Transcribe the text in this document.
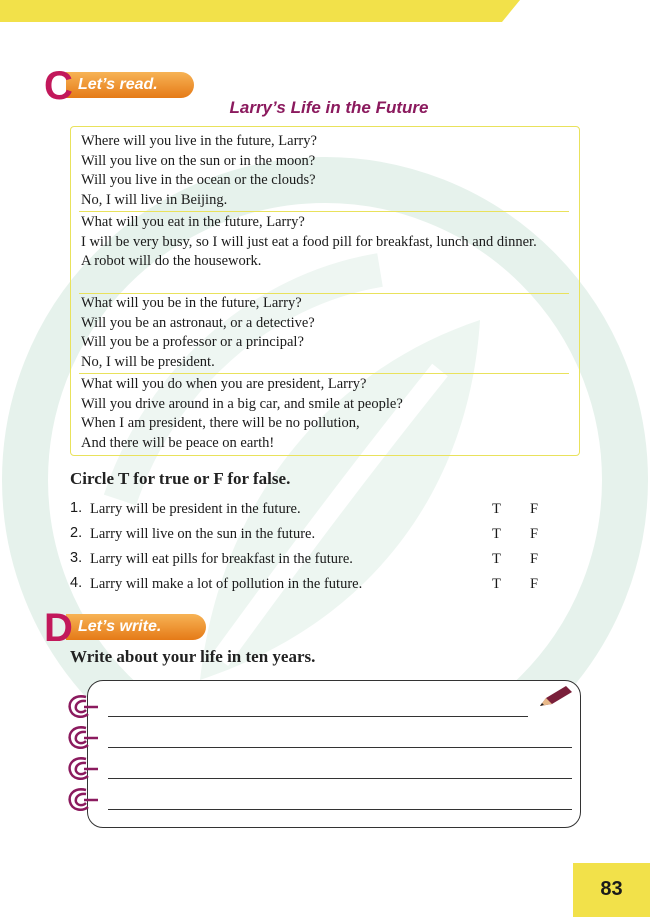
Let’s read.
C	Larry’s Life in the Future
Where will you live in the future, Larry?
Will you live on the sun or in the moon?
Will you live in the ocean or the clouds?
No, I will live in Beijing.
What will you eat in the future, Larry?
I will be very busy, so I will just eat a food pill for breakfast, lunch and dinner.
A robot will do the housework.
What will you be in the future, Larry?
Will you be an astronaut, or a detective?
Will you be a professor or a principal?
No, I will be president.
What will you do when you are president, Larry?
Will you drive around in a big car, and smile at people?
When I am president, there will be no pollution,
And there will be peace on earth!
Circle T for true or F for false.
1. Larry will be president in the future.	T F
2. Larry will live on the sun in the future.	T F
3. Larry will eat pills for breakfast in the future.	T F
4. Larry will make a lot of pollution in the future.	T F
Let’s write.
D
Write about your life in ten years.
83
